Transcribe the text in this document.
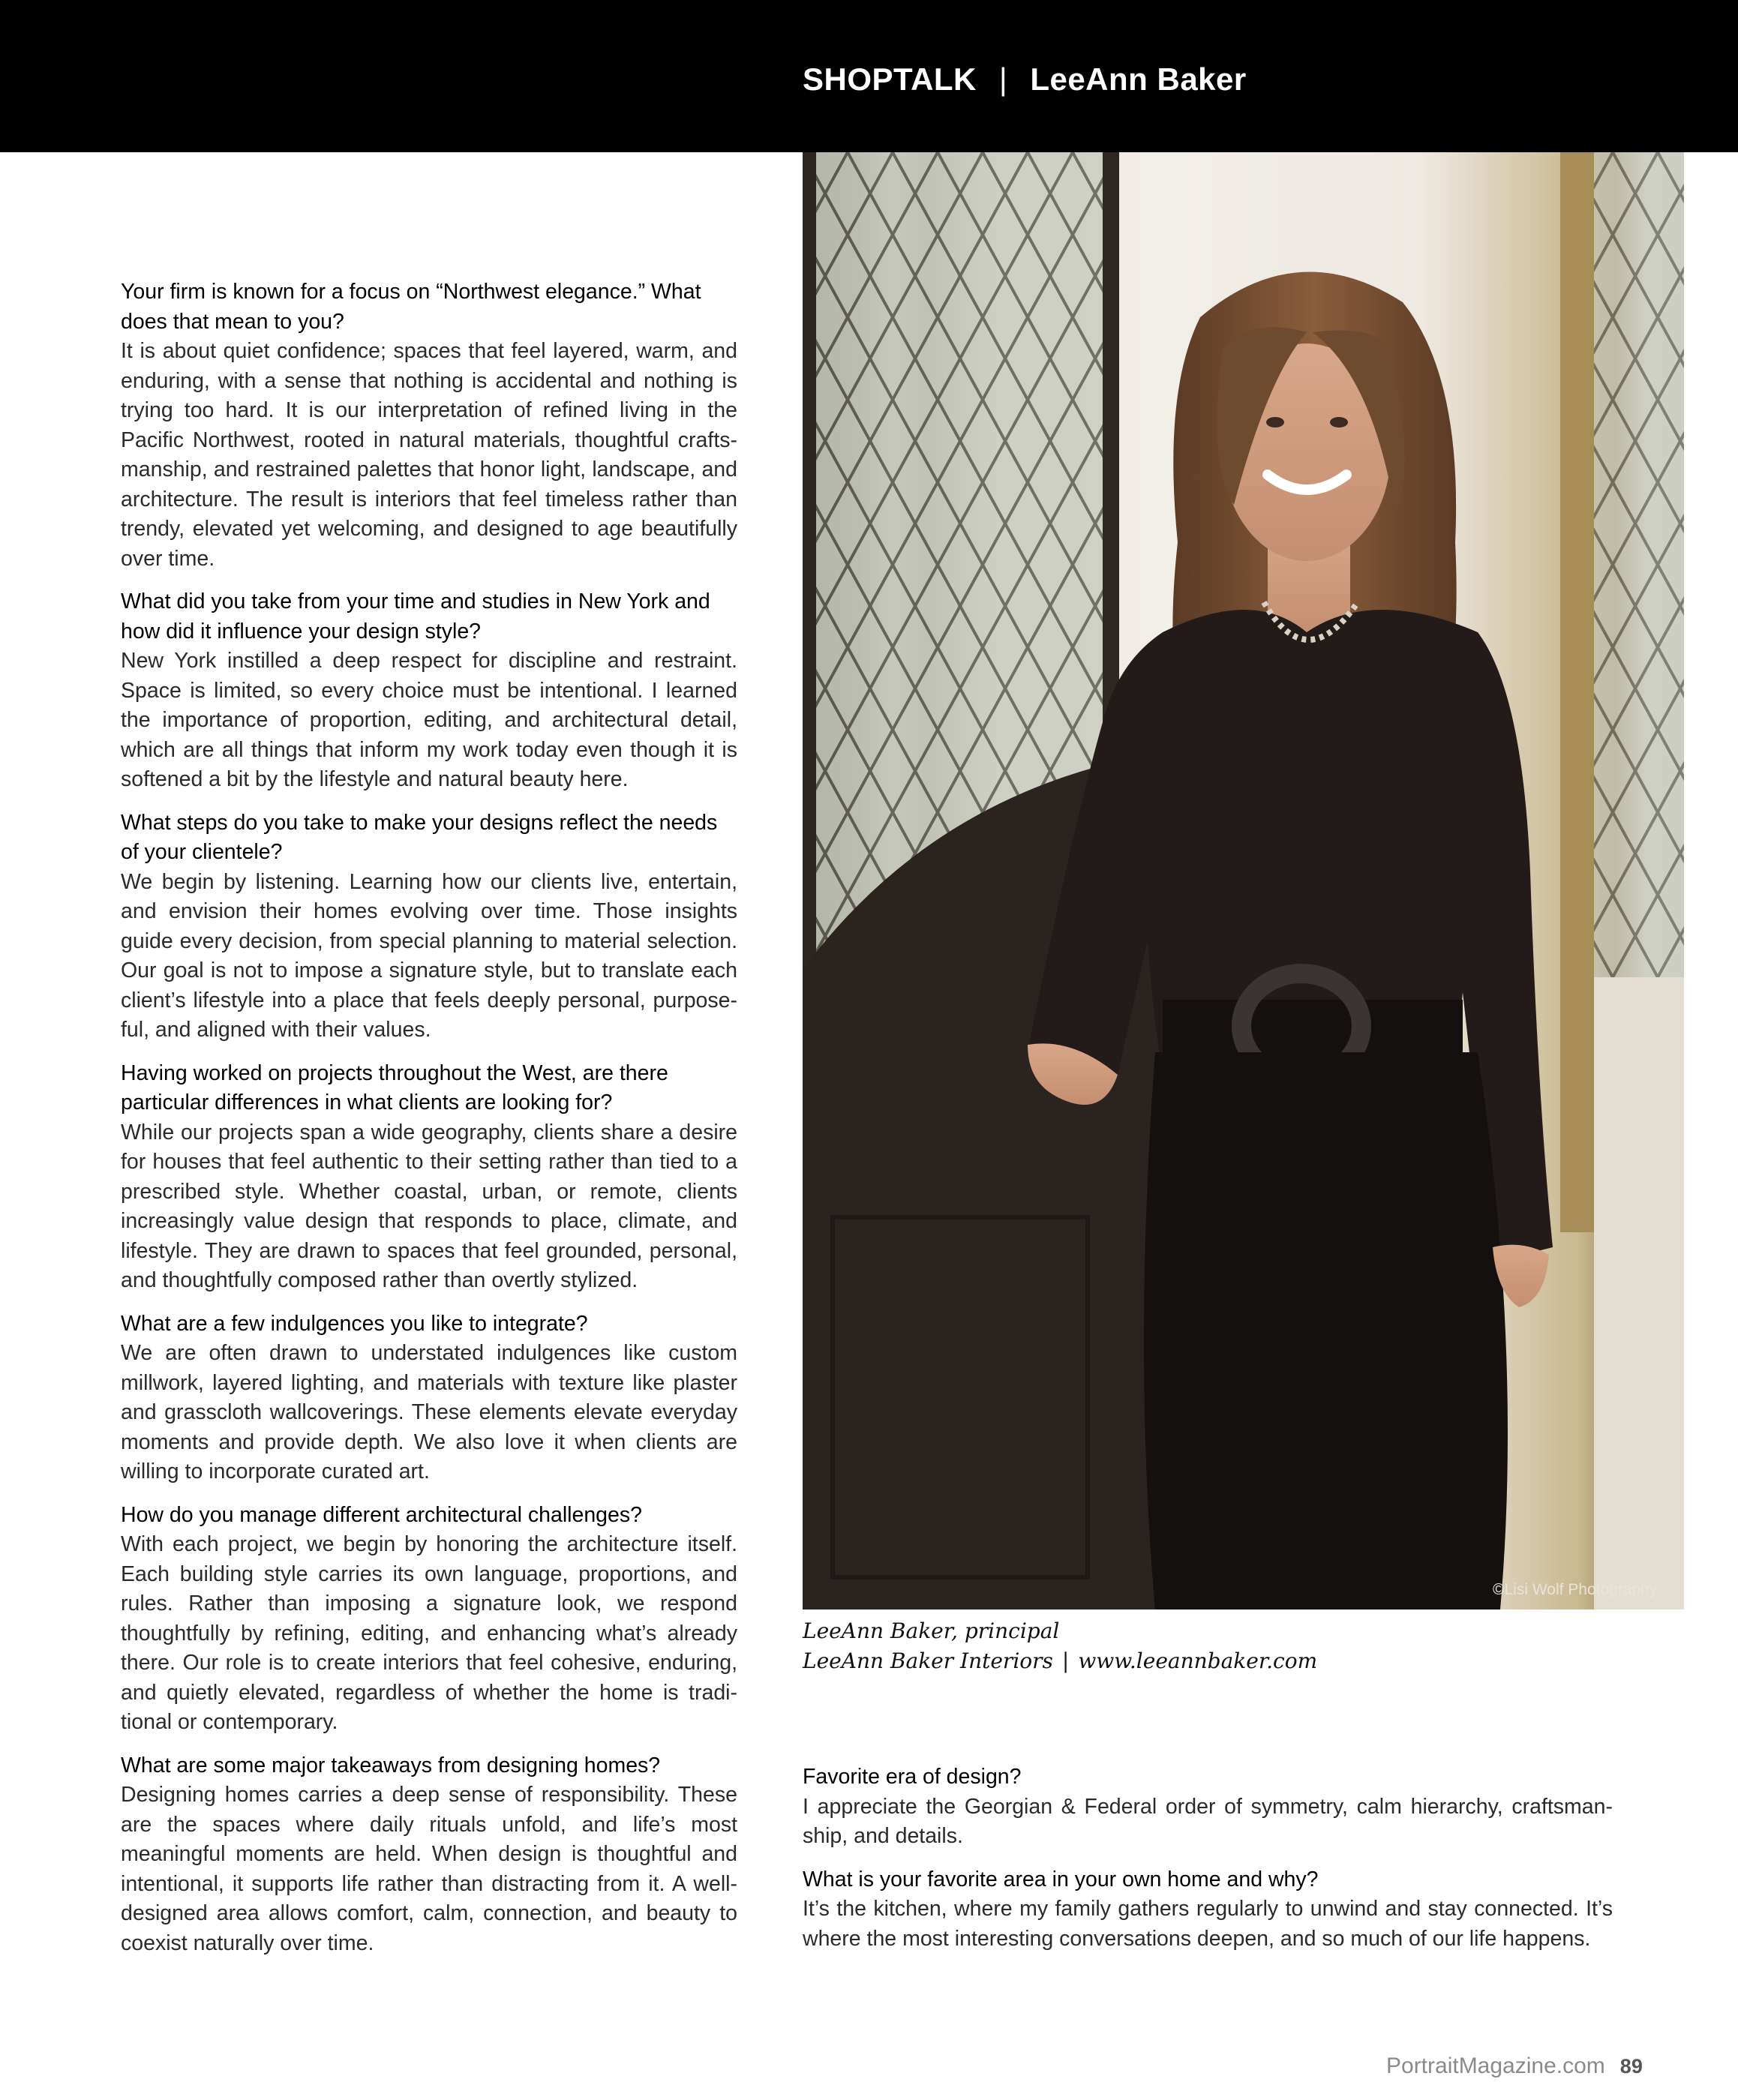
SHOPTALK | LeeAnn Baker
Your firm is known for a focus on “Northwest elegance.” What does that mean to you?
It is about quiet confidence; spaces that feel layered, warm, and enduring, with a sense that nothing is accidental and nothing is trying too hard. It is our interpretation of refined living in the Pacific Northwest, rooted in natural materials, thoughtful craftsmanship, and restrained palettes that honor light, landscape, and architecture. The result is interiors that feel timeless rather than trendy, elevated yet welcoming, and designed to age beautifully over time.
What did you take from your time and studies in New York and how did it influence your design style?
New York instilled a deep respect for discipline and restraint. Space is limited, so every choice must be intentional. I learned the importance of proportion, editing, and architectural detail, which are all things that inform my work today even though it is softened a bit by the lifestyle and natural beauty here.
What steps do you take to make your designs reflect the needs of your clientele?
We begin by listening. Learning how our clients live, entertain, and envision their homes evolving over time. Those insights guide every decision, from special planning to material selection. Our goal is not to impose a signature style, but to translate each client’s lifestyle into a place that feels deeply personal, purposeful, and aligned with their values.
Having worked on projects throughout the West, are there particular differences in what clients are looking for?
While our projects span a wide geography, clients share a desire for houses that feel authentic to their setting rather than tied to a prescribed style. Whether coastal, urban, or remote, clients increasingly value design that responds to place, climate, and lifestyle. They are drawn to spaces that feel grounded, personal, and thoughtfully composed rather than overtly stylized.
What are a few indulgences you like to integrate?
We are often drawn to understated indulgences like custom millwork, layered lighting, and materials with texture like plaster and grasscloth wallcoverings. These elements elevate everyday moments and provide depth. We also love it when clients are willing to incorporate curated art.
How do you manage different architectural challenges?
With each project, we begin by honoring the architecture itself. Each building style carries its own language, proportions, and rules. Rather than imposing a signature look, we respond thoughtfully by refining, editing, and enhancing what’s already there. Our role is to create interiors that feel cohesive, enduring, and quietly elevated, regardless of whether the home is traditional or contemporary.
What are some major takeaways from designing homes?
Designing homes carries a deep sense of responsibility. These are the spaces where daily rituals unfold, and life’s most meaningful moments are held. When design is thoughtful and intentional, it supports life rather than distracting from it. A well-designed area allows comfort, calm, connection, and beauty to coexist naturally over time.
©Lisi Wolf Photography
LeeAnn Baker, principal
LeeAnn Baker Interiors | www.leeannbaker.com
Favorite era of design?
I appreciate the Georgian & Federal order of symmetry, calm hierarchy, craftsmanship, and details.
What is your favorite area in your own home and why?
It’s the kitchen, where my family gathers regularly to unwind and stay connected. It’s where the most interesting conversations deepen, and so much of our life happens.
PortraitMagazine.com 89
